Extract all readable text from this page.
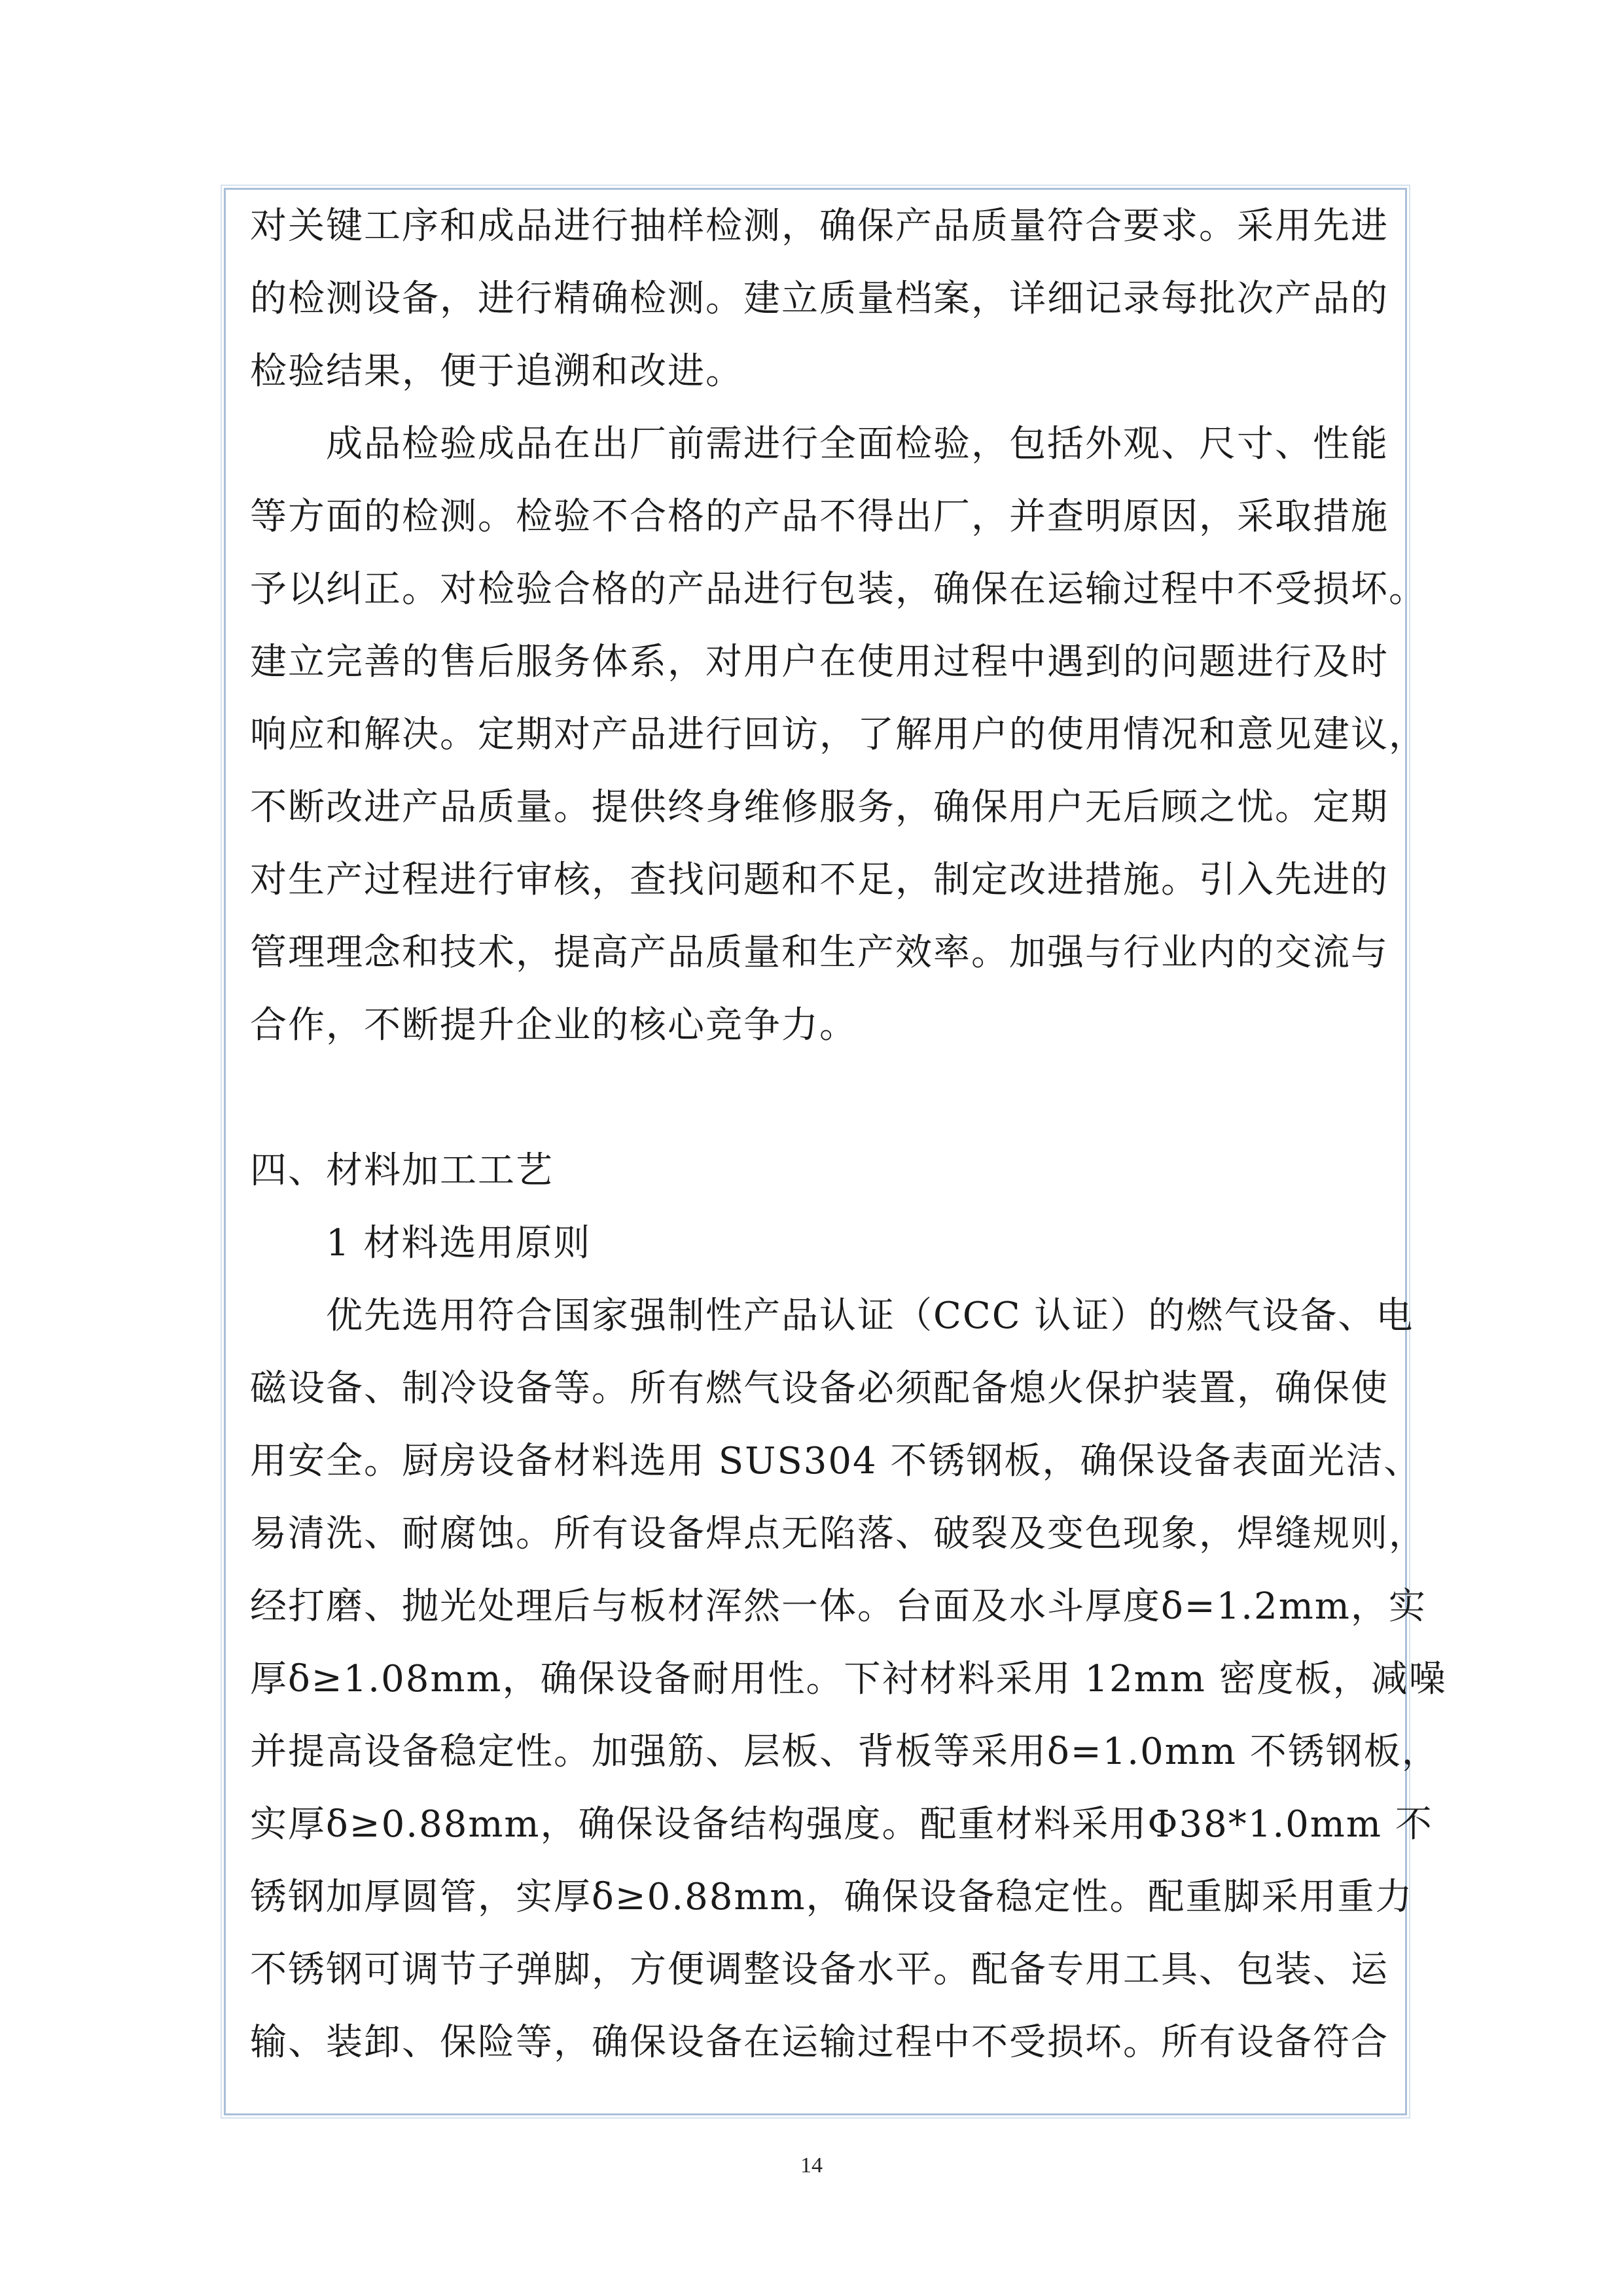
对关键工序和成品进行抽样检测，确保产品质量符合要求。采用先进
的检测设备，进行精确检测。建立质量档案，详细记录每批次产品的
检验结果，便于追溯和改进。
　　成品检验成品在出厂前需进行全面检验，包括外观、尺寸、性能
等方面的检测。检验不合格的产品不得出厂，并查明原因，采取措施
予以纠正。对检验合格的产品进行包装，确保在运输过程中不受损坏。
建立完善的售后服务体系，对用户在使用过程中遇到的问题进行及时
响应和解决。定期对产品进行回访，了解用户的使用情况和意见建议，
不断改进产品质量。提供终身维修服务，确保用户无后顾之忧。定期
对生产过程进行审核，查找问题和不足，制定改进措施。引入先进的
管理理念和技术，提高产品质量和生产效率。加强与行业内的交流与
合作，不断提升企业的核心竞争力。
四、材料加工工艺
　　1 材料选用原则
　　优先选用符合国家强制性产品认证（CCC 认证）的燃气设备、电
磁设备、制冷设备等。所有燃气设备必须配备熄火保护装置，确保使
用安全。厨房设备材料选用 SUS304 不锈钢板，确保设备表面光洁、
易清洗、耐腐蚀。所有设备焊点无陷落、破裂及变色现象，焊缝规则，
经打磨、抛光处理后与板材浑然一体。台面及水斗厚度δ=1.2mm，实
厚δ≥1.08mm，确保设备耐用性。下衬材料采用 12mm 密度板，减噪
并提高设备稳定性。加强筋、层板、背板等采用δ=1.0mm 不锈钢板，
实厚δ≥0.88mm，确保设备结构强度。配重材料采用Φ38*1.0mm 不
锈钢加厚圆管，实厚δ≥0.88mm，确保设备稳定性。配重脚采用重力
不锈钢可调节子弹脚，方便调整设备水平。配备专用工具、包装、运
输、装卸、保险等，确保设备在运输过程中不受损坏。所有设备符合
14
